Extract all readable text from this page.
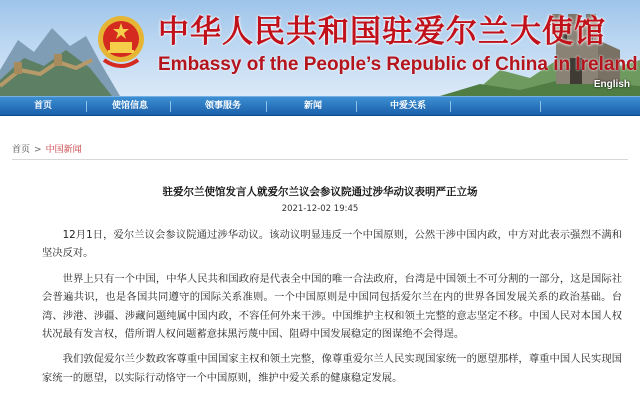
中华人民共和国驻爱尔兰大使馆
Embassy of the People’s Republic of China in Ireland
English
首页	使馆信息	领事服务	新闻	中爱关系
首页 > 中国新闻
驻爱尔兰使馆发言人就爱尔兰议会参议院通过涉华动议表明严正立场
2021-12-02 19:45

12月1日，爱尔兰议会参议院通过涉华动议。该动议明显违反一个中国原则，公然干涉中国内政，中方对此表示强烈不满和坚决反对。

世界上只有一个中国，中华人民共和国政府是代表全中国的唯一合法政府，台湾是中国领土不可分割的一部分，这是国际社会普遍共识，也是各国共同遵守的国际关系准则。一个中国原则是中国同包括爱尔兰在内的世界各国发展关系的政治基础。台湾、涉港、涉疆、涉藏问题纯属中国内政，不容任何外来干涉。中国维护主权和领土完整的意志坚定不移。中国人民对本国人权状况最有发言权，借所谓人权问题蓄意抹黑污蔑中国、阻碍中国发展稳定的图谋绝不会得逞。

我们敦促爱尔兰少数政客尊重中国国家主权和领土完整，像尊重爱尔兰人民实现国家统一的愿望那样，尊重中国人民实现国家统一的愿望，以实际行动恪守一个中国原则，维护中爱关系的健康稳定发展。
